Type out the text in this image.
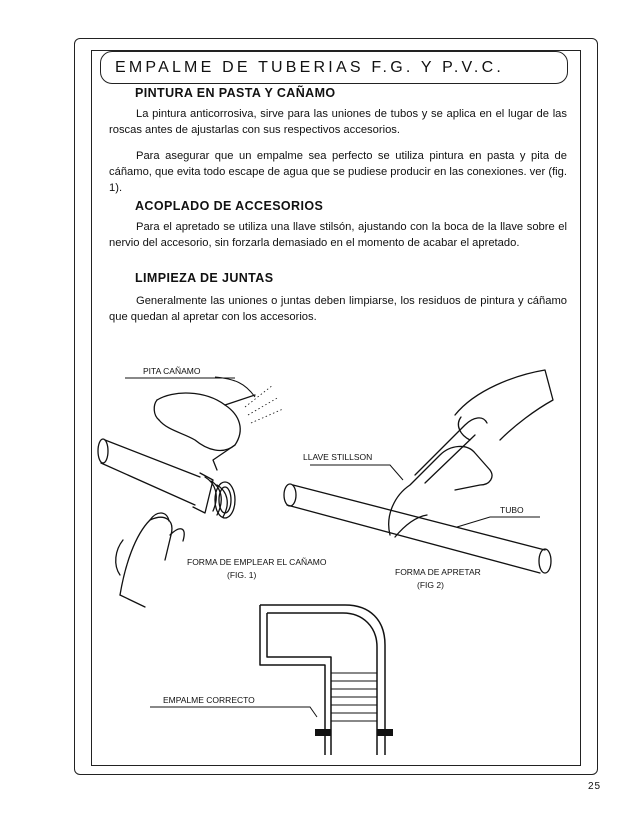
EMPALME DE TUBERIAS F.G. Y P.V.C.
PINTURA EN PASTA Y CAÑAMO

La pintura anticorrosiva, sirve para las uniones de tubos y se aplica en el lugar de las roscas antes de ajustarlas con sus respectivos accesorios.

Para asegurar que un empalme sea perfecto se utiliza pintura en pasta y pita de cáñamo, que evita todo escape de agua que se pudiese producir en las conexiones. ver (fig. 1).

ACOPLADO DE ACCESORIOS

Para el apretado se utiliza una llave stilsón, ajustando con la boca de la llave sobre el nervio del accesorio, sin forzarla demasiado en el momento de acabar el apretado.

LIMPIEZA DE JUNTAS

Generalmente las uniones o juntas deben limpiarse, los residuos de pintura y cáñamo que quedan al apretar con los accesorios.

PITA CAÑAMO
FORMA DE EMPLEAR EL CAÑAMO
(FIG. 1)
LLAVE STILLSON
TUBO
FORMA DE APRETAR
(FIG 2)
EMPALME CORRECTO
25
